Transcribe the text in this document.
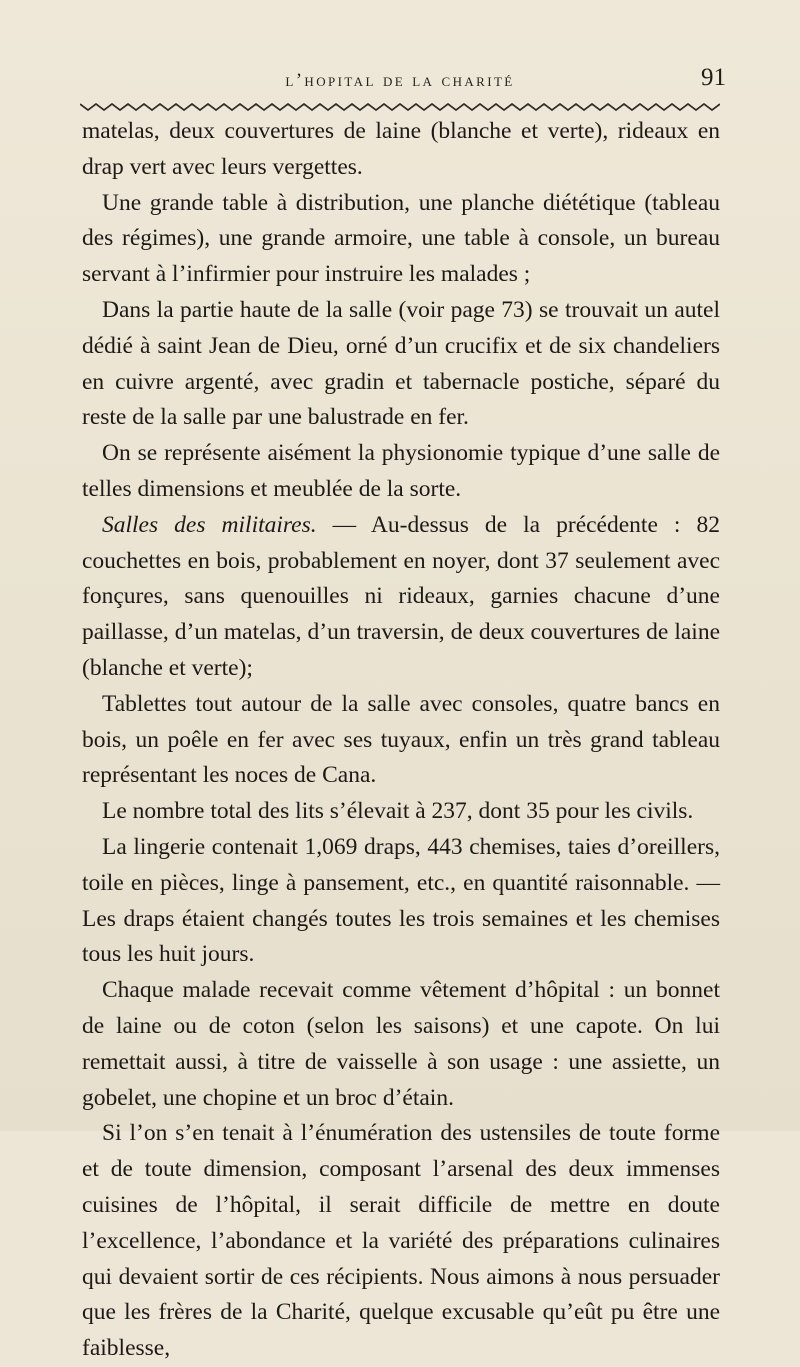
l’hopital de la charité	91

matelas, deux couvertures de laine (blanche et verte), rideaux en drap vert avec leurs vergettes.

Une grande table à distribution, une planche diététique (tableau des régimes), une grande armoire, une table à console, un bureau servant à l’infirmier pour instruire les malades ;

Dans la partie haute de la salle (voir page 73) se trouvait un autel dédié à saint Jean de Dieu, orné d’un crucifix et de six chandeliers en cuivre argenté, avec gradin et tabernacle postiche, séparé du reste de la salle par une balustrade en fer.

On se représente aisément la physionomie typique d’une salle de telles dimensions et meublée de la sorte.

Salles des militaires. — Au-dessus de la précédente : 82 couchettes en bois, probablement en noyer, dont 37 seulement avec fonçures, sans quenouilles ni rideaux, garnies chacune d’une paillasse, d’un matelas, d’un traversin, de deux couvertures de laine (blanche et verte);

Tablettes tout autour de la salle avec consoles, quatre bancs en bois, un poêle en fer avec ses tuyaux, enfin un très grand tableau représentant les noces de Cana.

Le nombre total des lits s’élevait à 237, dont 35 pour les civils.

La lingerie contenait 1,069 draps, 443 chemises, taies d’oreillers, toile en pièces, linge à pansement, etc., en quantité raisonnable. — Les draps étaient changés toutes les trois semaines et les chemises tous les huit jours.

Chaque malade recevait comme vêtement d’hôpital : un bonnet de laine ou de coton (selon les saisons) et une capote. On lui remettait aussi, à titre de vaisselle à son usage : une assiette, un gobelet, une chopine et un broc d’étain.

Si l’on s’en tenait à l’énumération des ustensiles de toute forme et de toute dimension, composant l’arsenal des deux immenses cuisines de l’hôpital, il serait difficile de mettre en doute l’excellence, l’abondance et la variété des préparations culinaires qui devaient sortir de ces récipients. Nous aimons à nous persuader que les frères de la Charité, quelque excusable qu’eût pu être une faiblesse,
